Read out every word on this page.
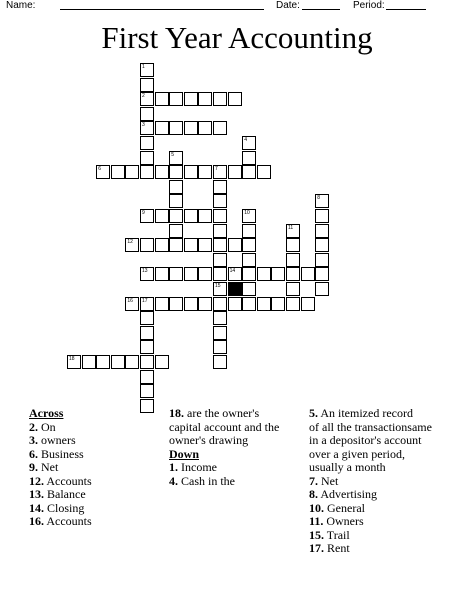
Name:	Date:	Period:
First Year Accounting
1
2
3
4
5
6	7
8
9	10
11
12
13	14
15
16 17
18
Across
2. On
3. owners
6. Business
9. Net
12. Accounts
13. Balance
14. Closing
16. Accounts
18. are the owner's
capital account and the
owner's drawing
Down
1. Income
4. Cash in the
5. An itemized record
of all the transactionsame
in a depositor's account
over a given period,
usually a month
7. Net
8. Advertising
10. General
11. Owners
15. Trail
17. Rent
